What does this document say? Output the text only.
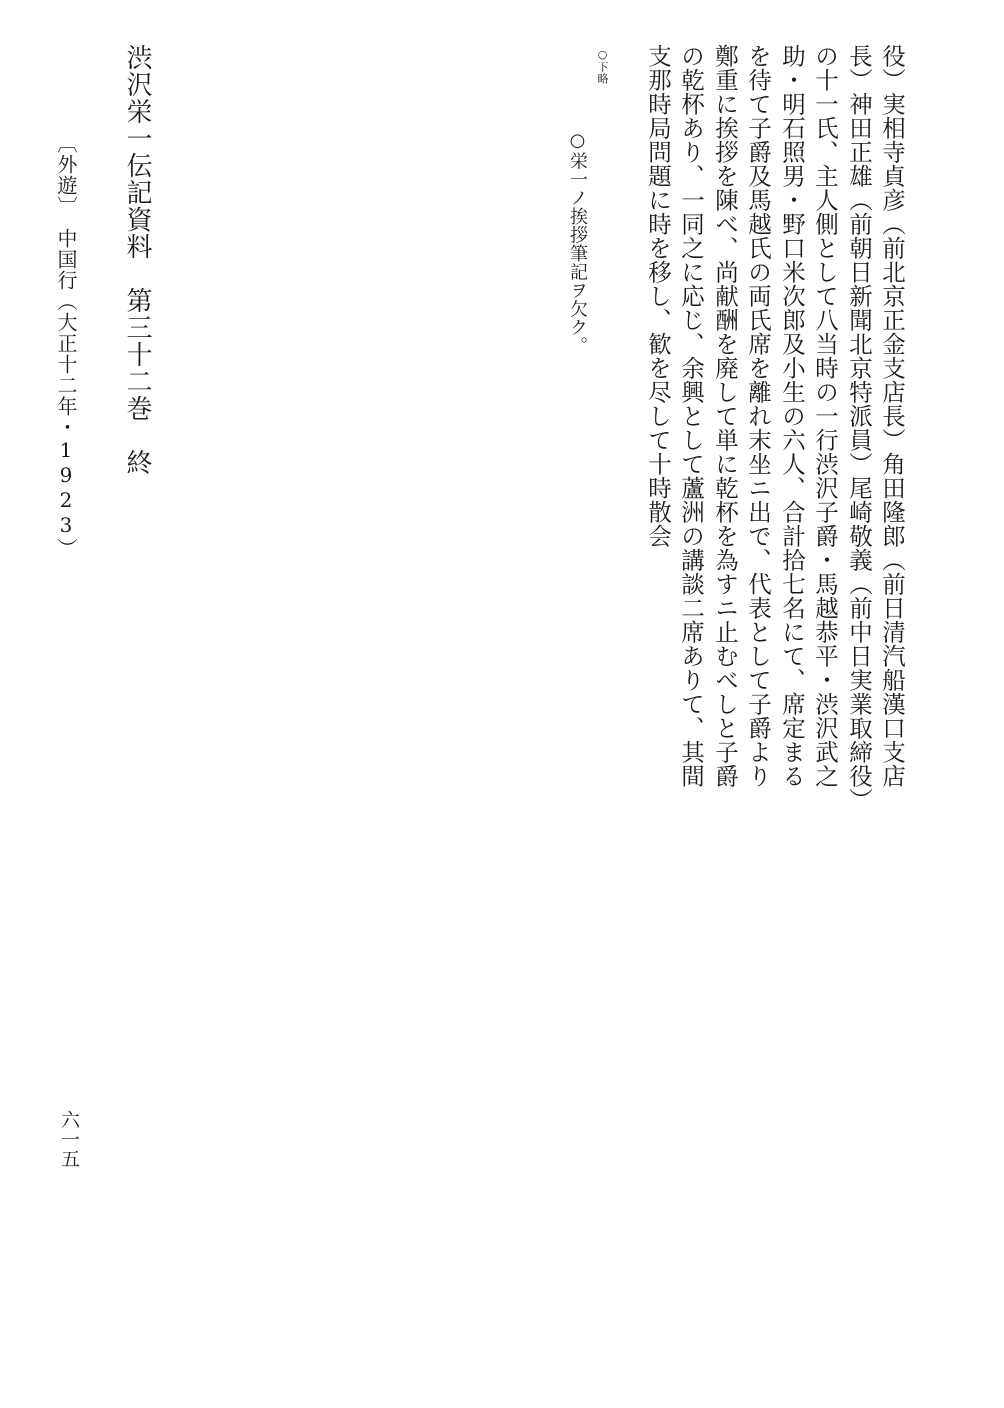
役）実相寺貞彦（前北京正金支店長）角田隆郎（前日清汽船漢口支店
長）神田正雄（前朝日新聞北京特派員）尾崎敬義（前中日実業取締役）
の十一氏、主人側として八当時の一行渋沢子爵・馬越恭平・渋沢武之
助・明石照男・野口米次郎及小生の六人、合計拾七名にて、席定まる
を待て子爵及馬越氏の両氏席を離れ末坐ニ出で、代表として子爵より
鄭重に挨拶を陳べ、尚献酬を廃して単に乾杯を為すニ止むべしと子爵
の乾杯あり、一同之に応じ、余興として蘆洲の講談二席ありて、其間
支那時局問題に時を移し、歓を尽して十時散会
○下略
○栄一ノ挨拶筆記ヲ欠ク。
渋沢栄一伝記資料　第三十二巻　終
〔外遊〕　中国行（大正十二年・1923）
六一五
